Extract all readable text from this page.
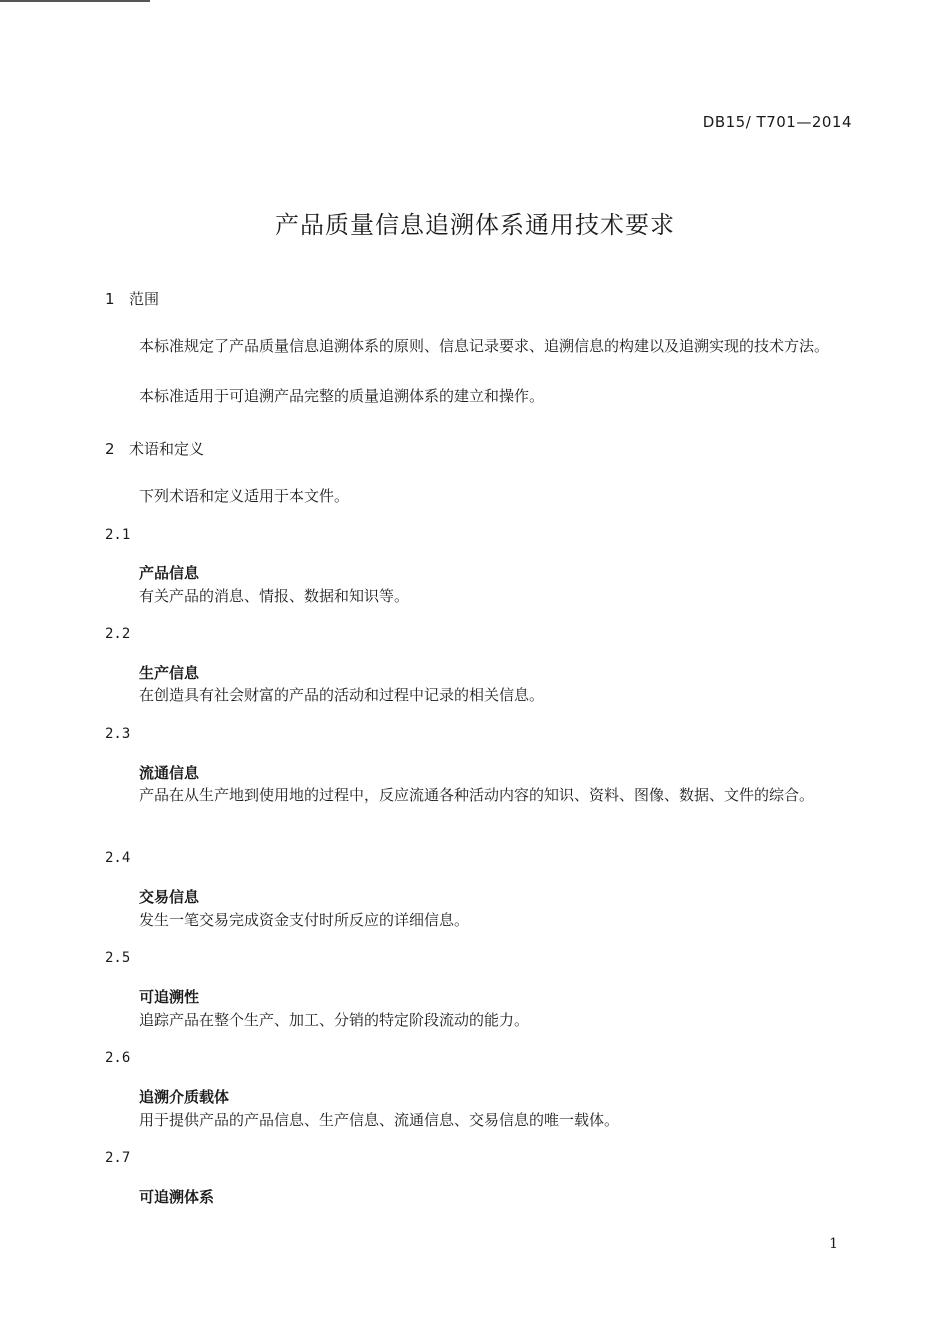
DB15/ T701—2014
产品质量信息追溯体系通用技术要求
1 范围
本标准规定了产品质量信息追溯体系的原则、信息记录要求、追溯信息的构建以及追溯实现的技术方法。
本标准适用于可追溯产品完整的质量追溯体系的建立和操作。
2 术语和定义
下列术语和定义适用于本文件。
2.1
产品信息
有关产品的消息、情报、数据和知识等。
2.2
生产信息
在创造具有社会财富的产品的活动和过程中记录的相关信息。
2.3
流通信息
产品在从生产地到使用地的过程中，反应流通各种活动内容的知识、资料、图像、数据、文件的综合。
2.4
交易信息
发生一笔交易完成资金支付时所反应的详细信息。
2.5
可追溯性
追踪产品在整个生产、加工、分销的特定阶段流动的能力。
2.6
追溯介质载体
用于提供产品的产品信息、生产信息、流通信息、交易信息的唯一载体。
2.7
可追溯体系
1
